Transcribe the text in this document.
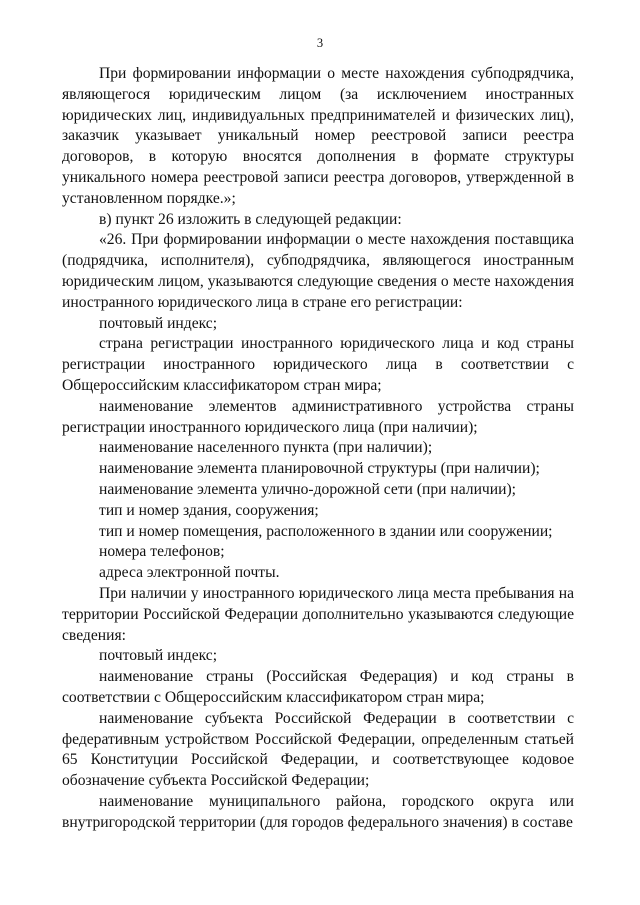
3

При формировании информации о месте нахождения субподрядчика, являющегося юридическим лицом (за исключением иностранных юридических лиц, индивидуальных предпринимателей и физических лиц), заказчик указывает уникальный номер реестровой записи реестра договоров, в которую вносятся дополнения в формате структуры уникального номера реестровой записи реестра договоров, утвержденной в установленном порядке.»;

в) пункт 26 изложить в следующей редакции:

«26. При формировании информации о месте нахождения поставщика (подрядчика, исполнителя), субподрядчика, являющегося иностранным юридическим лицом, указываются следующие сведения о месте нахождения иностранного юридического лица в стране его регистрации:

почтовый индекс;

страна регистрации иностранного юридического лица и код страны регистрации иностранного юридического лица в соответствии с Общероссийским классификатором стран мира;

наименование элементов административного устройства страны регистрации иностранного юридического лица (при наличии);

наименование населенного пункта (при наличии);

наименование элемента планировочной структуры (при наличии);

наименование элемента улично-дорожной сети (при наличии);

тип и номер здания, сооружения;

тип и номер помещения, расположенного в здании или сооружении;

номера телефонов;

адреса электронной почты.

При наличии у иностранного юридического лица места пребывания на территории Российской Федерации дополнительно указываются следующие сведения:

почтовый индекс;

наименование страны (Российская Федерация) и код страны в соответствии с Общероссийским классификатором стран мира;

наименование субъекта Российской Федерации в соответствии с федеративным устройством Российской Федерации, определенным статьей 65 Конституции Российской Федерации, и соответствующее кодовое обозначение субъекта Российской Федерации;

наименование муниципального района, городского округа или внутригородской территории (для городов федерального значения) в составе
